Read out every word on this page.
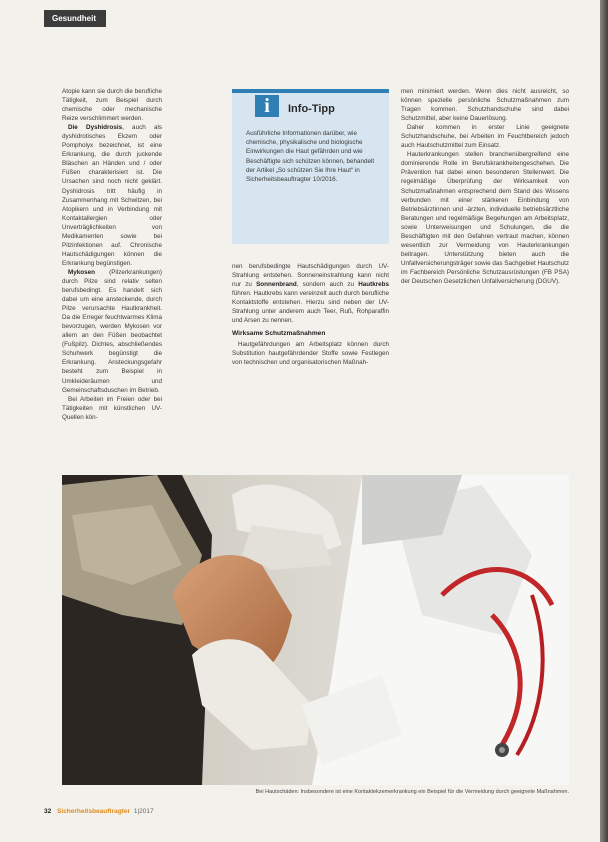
Gesundheit

Atopie kann sie durch die berufliche Tätigkeit, zum Beispiel durch chemische oder mechanische Reize verschlimmert werden.

Die Dyshidrosis, auch als dyshidrotisches Ekzem oder Pompholyx bezeichnet, ist eine Erkrankung, die durch juckende Bläschen an Händen und / oder Füßen charakterisiert ist. Die Ursachen sind noch nicht geklärt. Dyshidrosis tritt häufig in Zusammenhang mit Schwitzen, bei Atopikern und in Verbindung mit Kontaktallergien oder Unverträglichkeiten von Medikamenten sowie bei Pilzinfektionen auf. Chronische Hautschädigungen können die Erkrankung begünstigen.

Mykosen (Pilzerkrankungen) durch Pilze sind relativ selten berufsbedingt. Es handelt sich dabei um eine ansteckende, durch Pilze verursachte Hautkrankheit. Da die Erreger feuchtwarmes Klima bevorzugen, werden Mykosen vor allem an den Füßen beobachtet (Fußpilz). Dichtes, abschließendes Schuhwerk begünstigt die Erkrankung. Ansteckungsgefahr besteht zum Beispiel in Umkleideräumen und Gemeinschaftsduschen im Betrieb.

Bei Arbeiten im Freien oder bei Tätigkeiten mit künstlichen UV-Quellen kön-

i	Info-Tipp
Ausführliche Informationen darüber, wie chemische, physikalische und biologische Einwirkungen die Haut gefährden und wie Beschäftigte sich schützen können, behandelt der Artikel „So schützen Sie Ihre Haut“ in Sicherheitsbeauftragter 10/2016.

nen berufsbedingte Hautschädigungen durch UV-Strahlung entstehen. Sonneneinstrahlung kann nicht nur zu Sonnenbrand, sondern auch zu Hautkrebs führen. Hautkrebs kann vereinzelt auch durch berufliche Kontaktstoffe entstehen. Hierzu sind neben der UV-Strahlung unter anderem auch Teer, Ruß, Rohparaffin und Arsen zu nennen.

Wirksame Schutzmaßnahmen

Hautgefährdungen am Arbeitsplatz können durch Substitution hautgefährdender Stoffe sowie Festlegen von technischen und organisatorischen Maßnah-

men minimiert werden. Wenn dies nicht ausreicht, so können spezielle persönliche Schutzmaßnahmen zum Tragen kommen. Schutzhandschuhe sind dabei Schutzmittel, aber keine Dauerlösung.

Daher kommen in erster Linie geeignete Schutzhandschuhe, bei Arbeiten im Feuchtbereich jedoch auch Hautschutzmittel zum Einsatz.

Hauterkrankungen stellen branchenübergreifend eine dominierende Rolle im Berufskrankheitengeschehen. Die Prävention hat dabei einen besonderen Stellenwert. Die regelmäßige Überprüfung der Wirksamkeit von Schutzmaßnahmen entsprechend dem Stand des Wissens verbunden mit einer stärkeren Einbindung von Betriebsärztinnen und -ärzten, individuelle betriebsärztliche Beratungen und regelmäßige Begehungen am Arbeitsplatz, sowie Unterweisungen und Schulungen, die die Beschäftigten mit den Gefahren vertraut machen, können wesentlich zur Vermeidung von Hauterkrankungen beitragen. Unterstützung bieten auch die Unfallversicherungsträger sowie das Sachgebiet Hautschutz im Fachbereich Persönliche Schutzausrüstungen (FB PSA) der Deutschen Gesetzlichen Unfallversicherung (DGUV).

Bei Hautschäden: Insbesondere ist eine Kontaktekzemerkrankung ein Beispiel für die Vermeidung durch geeignete Maßnahmen.
32 Sicherheitsbeauftragter 1|2017
